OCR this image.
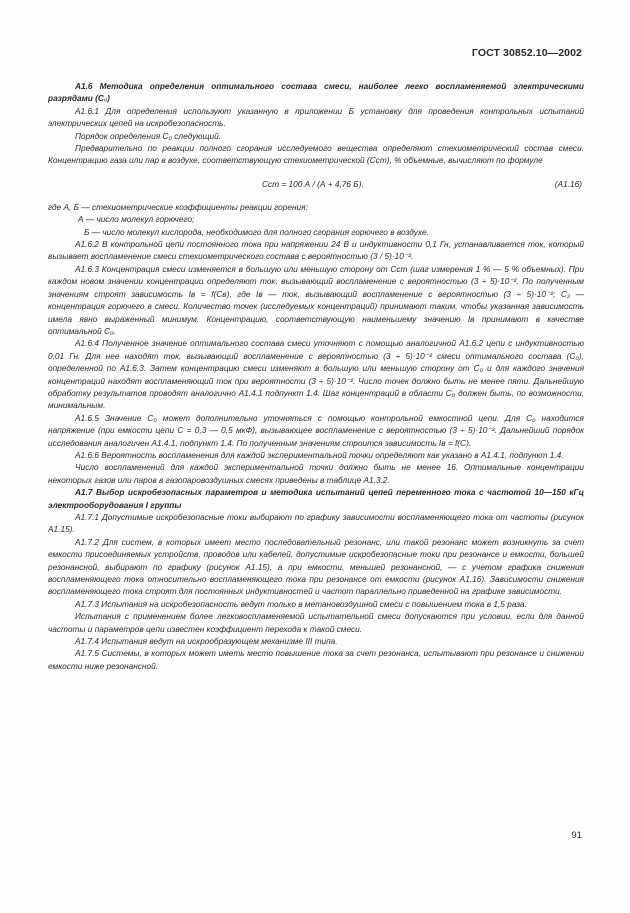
ГОСТ 30852.10—2002

A1.6 Методика определения оптимального состава смеси, наиболее легко воспламеняемой электрическими разрядами (C₀)

A1.6.1 Для определения используют указанную в приложении Б установку для проведения контрольных испытаний электрических цепей на искробезопасность.

Порядок определения C₀ следующий.

Предварительно по реакции полного сгорания исследуемого вещества определяют стехиометрический состав смеси. Концентрацию газа или пар в воздухе, соответствующую стехиометрической (Cст), % объемные, вычисляют по формуле

Cст = 100 А / (А + 4,76 Б),	(А1.16)

где А, Б — стехиометрические коэффициенты реакции горения:

А — число молекул горючего;

Б — число молекул кислорода, необходимого для полного сгорания горючего в воздухе.

A1.6.2 В контрольной цепи постоянного тока при напряжении 24 В и индуктивности 0,1 Гн, устанавливается ток, который вызывает воспламенение смеси стехиометрического состава с вероятностью (3 / 5)·10⁻².

A1.6.3 Концентрация смеси изменяется в большую или меньшую сторону от Cст (шаг измерения 1 % — 5 % объемных). При каждом новом значении концентрации определяют ток, вызывающий воспламенение с вероятностью (3 ÷ 5)·10⁻². По полученным значениям строят зависимость Iв = f(Cв), где Iв — ток, вызывающий воспламенение с вероятностью (3 ÷ 5)·10⁻²; C₂ — концентрация горючего в смеси. Количество точек (исследуемых концентраций) принимают таким, чтобы указанная зависимость имела явно выраженный минимум. Концентрацию, соответствующую наименьшему значению Iв принимают в качестве оптимальной C₀.

A1.6.4 Полученное значение оптимального состава смеси уточняют с помощью аналогичной A1.6.2 цепи с индуктивностью 0,01 Гн. Для нее находят ток, вызывающий воспламенение с вероятностью (3 ÷ 5)·10⁻² смеси оптимального состава (C₀), определенной по A1.6.3. Затем концентрацию смеси изменяют в большую или меньшую сторону от C₀ и для каждого значения концентраций находят воспламеняющий ток при вероятности (3 ÷ 5)·10⁻². Число точек должно быть не менее пяти. Дальнейшую обработку результатов проводят аналогично A1.4.1 подпункт 1.4. Шаг концентраций в области C₀ должен быть, по возможности, минимальным.

A1.6.5 Значение C₀ может дополнительно уточняться с помощью контрольной емкостной цепи. Для C₀ находится напряжение (при емкости цепи С = 0,3 — 0,5 мкФ), вызывающее воспламенение с вероятностью (3 ÷ 5)·10⁻². Дальнейший порядок исследования аналогичен A1.4.1, подпункт 1.4. По полученным значениям строится зависимость Iв = f(C).

A1.6.6 Вероятность воспламенения для каждой экспериментальной точки определяют как указано в A1.4.1, подпункт 1.4.

Число воспламенений для каждой экспериментальной точки должно быть не менее 16. Оптимальные концентрации некоторых газов или паров в газопаровоздушных смесях приведены в таблице A1.3.2.

A1.7 Выбор искробезопасных параметров и методика испытаний цепей переменного тока с частотой 10—150 кГц электрооборудования I группы

A1.7.1 Допустимые искробезопасные токи выбирают по графику зависимости воспламеняющего тока от частоты (рисунок A1.15).

A1.7.2 Для систем, в которых имеет место последовательный резонанс, или такой резонанс может возникнуть за счет емкости присоединяемых устройств, проводов или кабелей, допустимые искробезопасные токи при резонансе и емкости, большей резонансной, выбирают по графику (рисунок A1.15), а при емкости, меньшей резонансной, — с учетом графика снижения воспламеняющего тока относительно воспламеняющего тока при резонансе от емкости (рисунок A1.16). Зависимости снижения воспламеняющего тока строят для постоянных индуктивностей и частот параллельно приведенной на графике зависимости.

A1.7.3 Испытания на искробезопасность ведут только в метановоздушной смеси с повышением тока в 1,5 раза.

Испытания с применением более легковоспламеняемой испытательной смеси допускаются при условии, если для данной частоты и параметров цепи известен коэффициент перехода к такой смеси.

A1.7.4 Испытания ведут на искрообразующем механизме III типа.

A1.7.5 Системы, в которых может иметь место повышение тока за счет резонанса, испытывают при резонансе и снижении емкости ниже резонансной.

91
